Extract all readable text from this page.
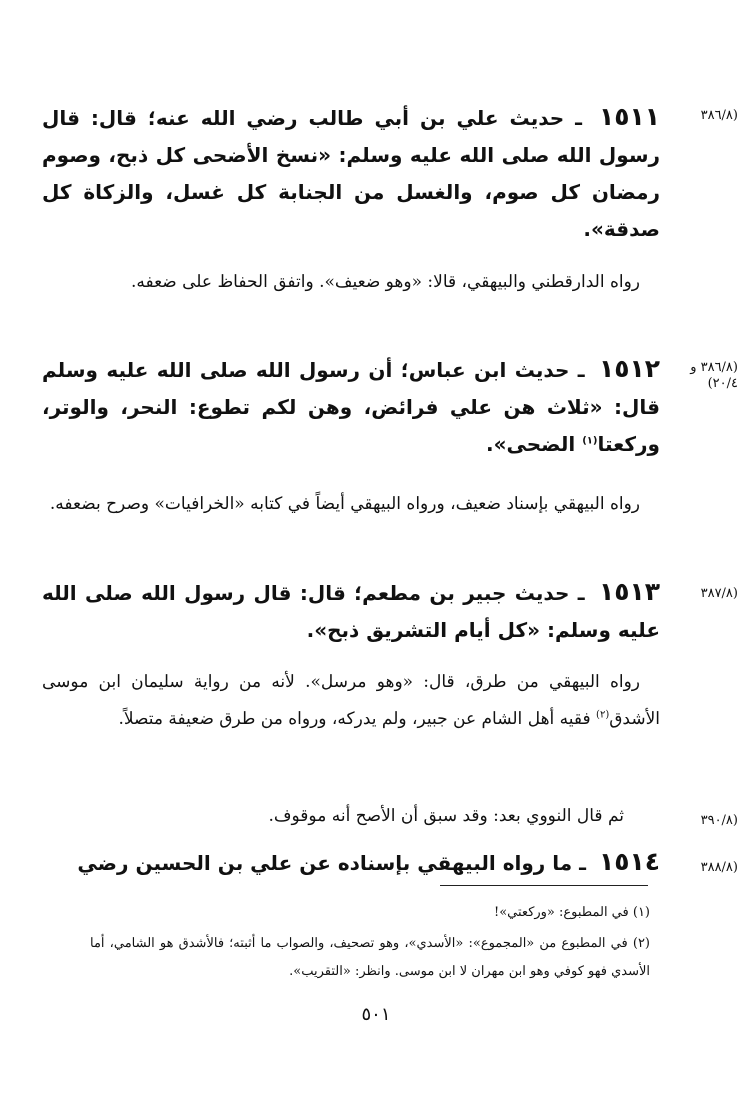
(٣٨٦/٨
١٥١١ ـ حديث علي بن أبي طالب رضي الله عنه؛ قال: قال رسول الله صلى الله عليه وسلم: «نسخ الأضحى كل ذبح، وصوم رمضان كل صوم، والغسل من الجنابة كل غسل، والزكاة كل صدقة».
رواه الدارقطني والبيهقي، قالا: «وهو ضعيف». واتفق الحفاظ على ضعفه.
(٣٨٦/٨ و ٢٠/٤)
١٥١٢ ـ حديث ابن عباس؛ أن رسول الله صلى الله عليه وسلم قال: «ثلاث هن علي فرائض، وهن لكم تطوع: النحر، والوتر، وركعتا$^{(١)}$ الضحى».
رواه البيهقي بإسناد ضعيف، ورواه البيهقي أيضاً في كتابه «الخرافيات» وصرح بضعفه.
(٣٨٧/٨
١٥١٣ ـ حديث جبير بن مطعم؛ قال: قال رسول الله صلى الله عليه وسلم: «كل أيام التشريق ذبح».
رواه البيهقي من طرق، قال: «وهو مرسل». لأنه من رواية سليمان ابن موسى الأشدق$^{(٢)}$ فقيه أهل الشام عن جبير، ولم يدركه، ورواه من طرق ضعيفة متصلاً.
(٣٩٠/٨
ثم قال النووي بعد: وقد سبق أن الأصح أنه موقوف.
(٣٨٨/٨
١٥١٤ ـ ما رواه البيهقي بإسناده عن علي بن الحسين رضي
(١) في المطبوع: «وركعتي»!
(٢) في المطبوع من «المجموع»: «الأسدي»، وهو تصحيف، والصواب ما أثبته؛ فالأشدق هو الشامي، أما الأسدي فهو كوفي وهو ابن مهران لا ابن موسى. وانظر: «التقريب».
٥٠١
